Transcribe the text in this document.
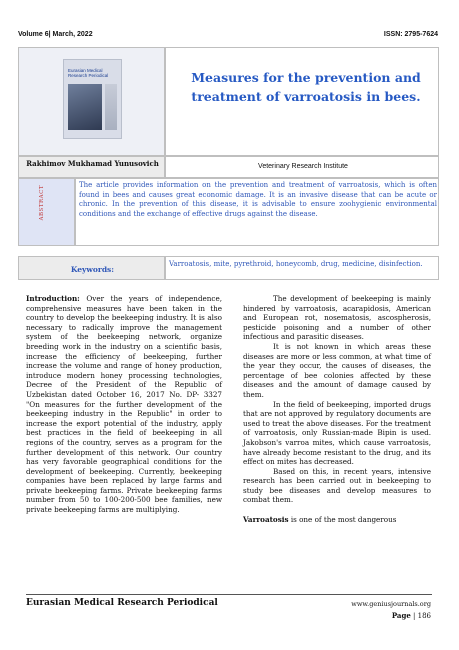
Volume 6| March, 2022	ISSN: 2795-7624
Eurasian Medical Research Periodical	Measures for the prevention and treatment of varroatosis in bees.
Rakhimov Mukhamad Yunusovich	Veterinary Research Institute
ABSTRACT	The article provides information on the prevention and treatment of varroatosis, which is often found in bees and causes great economic damage. It is an invasive disease that can be acute or chronic. In the prevention of this disease, it is advisable to ensure zoohygienic environmental conditions and the exchange of effective drugs against the disease.
Keywords:
Varroatosis, mite, pyrethroid, honeycomb, drug, medicine, disinfection.

Introduction: Over the years of independence, comprehensive measures have been taken in the country to develop the beekeeping industry. It is also necessary to radically improve the management system of the beekeeping network, organize breeding work in the industry on a scientific basis, increase the efficiency of beekeeping, further increase the volume and range of honey production, introduce modern honey processing technologies, Decree of the President of the Republic of Uzbekistan dated October 16, 2017 No. DP- 3327 "On measures for the further development of the beekeeping industry in the Republic" in order to increase the export potential of the industry, apply best practices in the field of beekeeping in all regions of the country, serves as a program for the further development of this network. Our country has very favorable geographical conditions for the development of beekeeping. Currently, beekeeping companies have been replaced by large farms and private beekeeping farms. Private beekeeping farms number from 50 to 100-200-500 bee families, new private beekeeping farms are multiplying.

The development of beekeeping is mainly hindered by varroatosis, acarapidosis, American and European rot, nosematosis, ascospherosis, pesticide poisoning and a number of other infectious and parasitic diseases.

It is not known in which areas these diseases are more or less common, at what time of the year they occur, the causes of diseases, the percentage of bee colonies affected by these diseases and the amount of damage caused by them.

In the field of beekeeping, imported drugs that are not approved by regulatory documents are used to treat the above diseases. For the treatment of varroatosis, only Russian-made Bipin is used. Jakobson's varroa mites, which cause varroatosis, have already become resistant to the drug, and its effect on mites has decreased.

Based on this, in recent years, intensive research has been carried out in beekeeping to study bee diseases and develop measures to combat them.

Varroatosis is one of the most dangerous

Eurasian Medical Research Periodical	www.geniusjournals.org
Page | 186
